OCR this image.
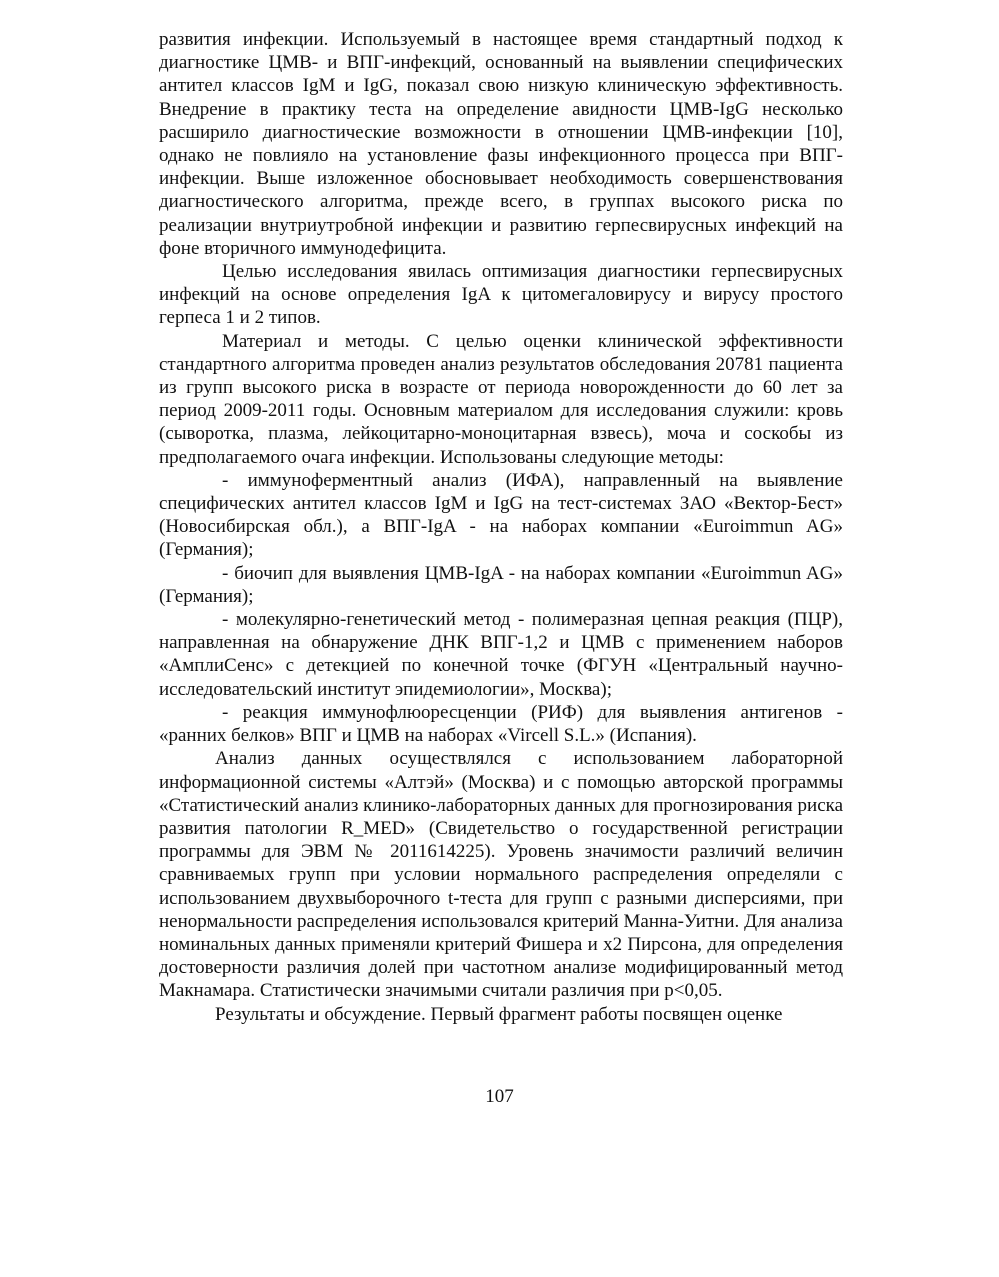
развития инфекции. Используемый в настоящее время стандартный подход к диагностике ЦМВ- и ВПГ-инфекций, основанный на выявлении специфических антител классов IgM и IgG, показал свою низкую клиническую эффективность. Внедрение в практику теста на определение авидности ЦМВ-IgG несколько расширило диагностические возможности в отношении ЦМВ-инфекции [10], однако не повлияло на установление фазы инфекционного процесса при ВПГ-инфекции. Выше изложенное обосновывает необходимость совершенствования диагностического алгоритма, прежде всего, в группах высокого риска по реализации внутриутробной инфекции и развитию герпесвирусных инфекций на фоне вторичного иммунодефицита.

Целью исследования явилась оптимизация диагностики герпесвирусных инфекций на основе определения IgA к цитомегаловирусу и вирусу простого герпеса 1 и 2 типов.

Материал и методы. С целью оценки клинической эффективности стандартного алгоритма проведен анализ результатов обследования 20781 пациента из групп высокого риска в возрасте от периода новорожденности до 60 лет за период 2009-2011 годы. Основным материалом для исследования служили: кровь (сыворотка, плазма, лейкоцитарно-моноцитарная взвесь), моча и соскобы из предполагаемого очага инфекции. Использованы следующие методы:

- иммуноферментный анализ (ИФА), направленный на выявление специфических антител классов IgM и IgG на тест-системах ЗАО «Вектор-Бест» (Новосибирская обл.), а ВПГ-IgA - на наборах компании «Euroimmun AG» (Германия);

- биочип для выявления ЦМВ-IgA - на наборах компании «Euroimmun AG» (Германия);

- молекулярно-генетический метод - полимеразная цепная реакция (ПЦР), направленная на обнаружение ДНК ВПГ-1,2 и ЦМВ с применением наборов «АмплиСенс» с детекцией по конечной точке (ФГУН «Центральный научно-исследовательский институт эпидемиологии», Москва);

- реакция иммунофлюоресценции (РИФ) для выявления антигенов - «ранних белков» ВПГ и ЦМВ на наборах «Vircell S.L.» (Испания).

Анализ данных осуществлялся с использованием лабораторной информационной системы «Алтэй» (Москва) и с помощью авторской программы «Статистический анализ клинико-лабораторных данных для прогнозирования риска развития патологии R_MED» (Свидетельство о государственной регистрации программы для ЭВМ № 2011614225). Уровень значимости различий величин сравниваемых групп при условии нормального распределения определяли с использованием двухвыборочного t-теста для групп с разными дисперсиями, при ненормальности распределения использовался критерий Манна-Уитни. Для анализа номинальных данных применяли критерий Фишера и х2 Пирсона, для определения достоверности различия долей при частотном анализе модифицированный метод Макнамара. Статистически значимыми считали различия при p<0,05.

Результаты и обсуждение. Первый фрагмент работы посвящен оценке

107
